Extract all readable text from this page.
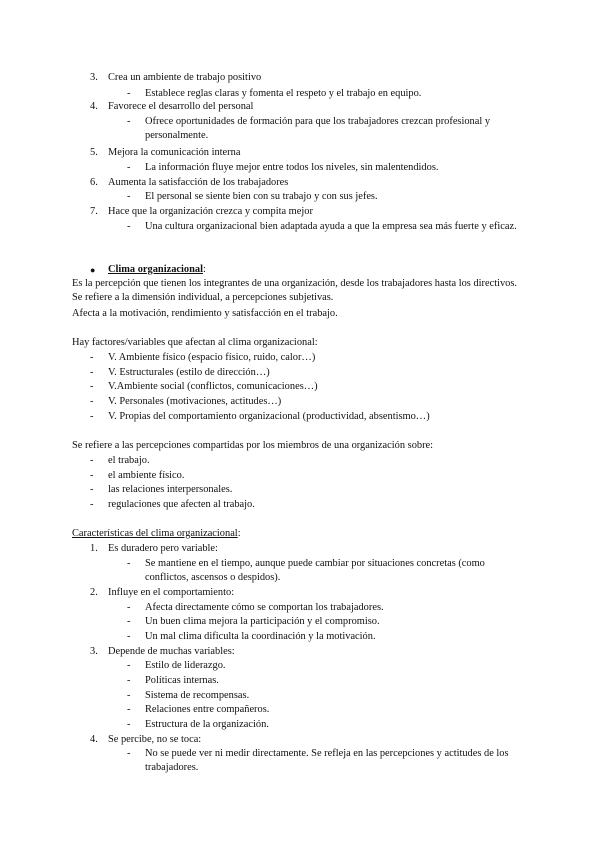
3. Crea un ambiente de trabajo positivo
- Establece reglas claras y fomenta el respeto y el trabajo en equipo.
4. Favorece el desarrollo del personal
- Ofrece oportunidades de formación para que los trabajadores crezcan profesional y personalmente.
5. Mejora la comunicación interna
- La información fluye mejor entre todos los niveles, sin malentendidos.
6. Aumenta la satisfacción de los trabajadores
- El personal se siente bien con su trabajo y con sus jefes.
7. Hace que la organización crezca y compita mejor
- Una cultura organizacional bien adaptada ayuda a que la empresa sea más fuerte y eficaz.
● Clima organizacional:
Es la percepción que tienen los integrantes de una organización, desde los trabajadores hasta los directivos. Se refiere a la dimensión individual, a percepciones subjetivas.
Afecta a la motivación, rendimiento y satisfacción en el trabajo.
Hay factores/variables que afectan al clima organizacional:
- V. Ambiente físico (espacio físico, ruido, calor…)
- V. Estructurales (estilo de dirección…)
- V.Ambiente social (conflictos, comunicaciones…)
- V. Personales (motivaciones, actitudes…)
- V. Propias del comportamiento organizacional (productividad, absentismo…)
Se refiere a las percepciones compartidas por los miembros de una organización sobre:
- el trabajo.
- el ambiente físico.
- las relaciones interpersonales.
- regulaciones que afecten al trabajo.
Características del clima organizacional:
1. Es duradero pero variable:
- Se mantiene en el tiempo, aunque puede cambiar por situaciones concretas (como conflictos, ascensos o despidos).
2. Influye en el comportamiento:
- Afecta directamente cómo se comportan los trabajadores.
- Un buen clima mejora la participación y el compromiso.
- Un mal clima dificulta la coordinación y la motivación.
3. Depende de muchas variables:
- Estilo de liderazgo.
- Políticas internas.
- Sistema de recompensas.
- Relaciones entre compañeros.
- Estructura de la organización.
4. Se percibe, no se toca:
- No se puede ver ni medir directamente. Se refleja en las percepciones y actitudes de los trabajadores.
